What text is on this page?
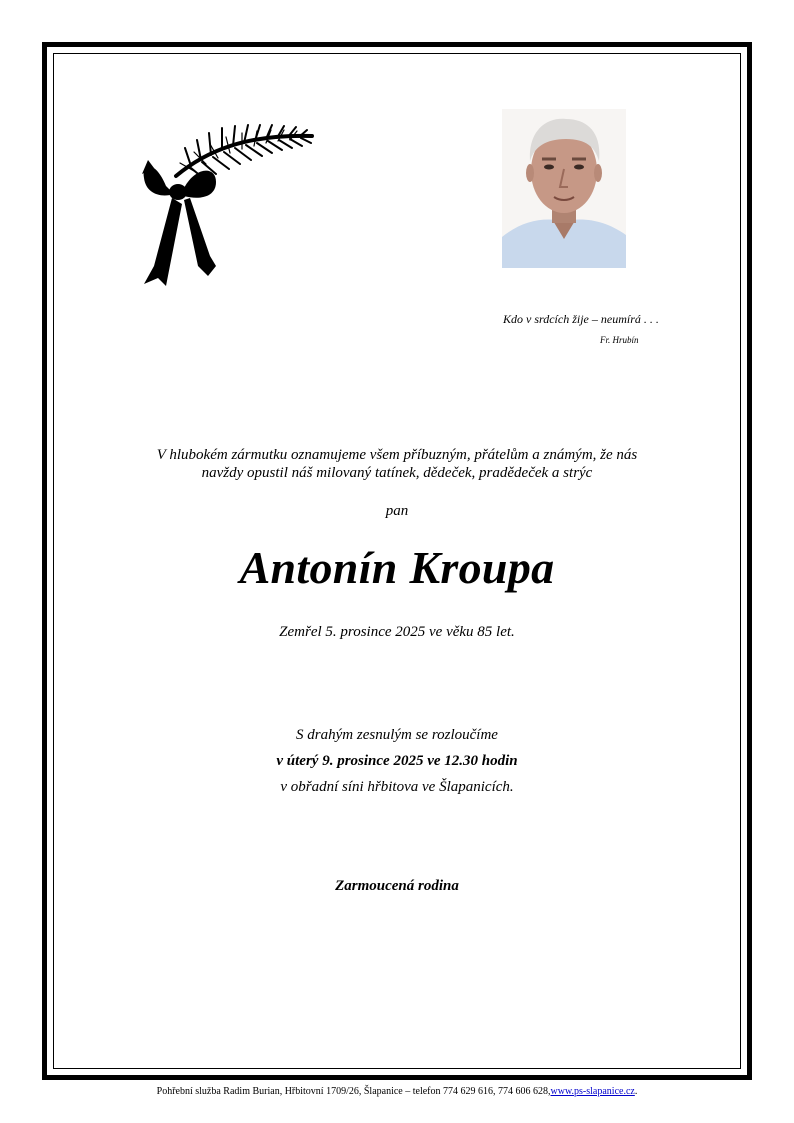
Kdo v srdcích žije – neumírá . . .
Fr. Hrubín
V hlubokém zármutku oznamujeme všem příbuzným, přátelům a známým, že nás
navždy opustil náš milovaný tatínek, dědeček, pradědeček a strýc
pan
Antonín Kroupa
Zemřel 5. prosince 2025 ve věku 85 let.
S drahým zesnulým se rozloučíme
v úterý 9. prosince 2025 ve 12.30 hodin
v obřadní síni hřbitova ve Šlapanicích.
Zarmoucená rodina
Pohřební služba Radim Burian, Hřbitovní 1709/26, Šlapanice – telefon 774 629 616, 774 606 628,www.ps-slapanice.cz.
